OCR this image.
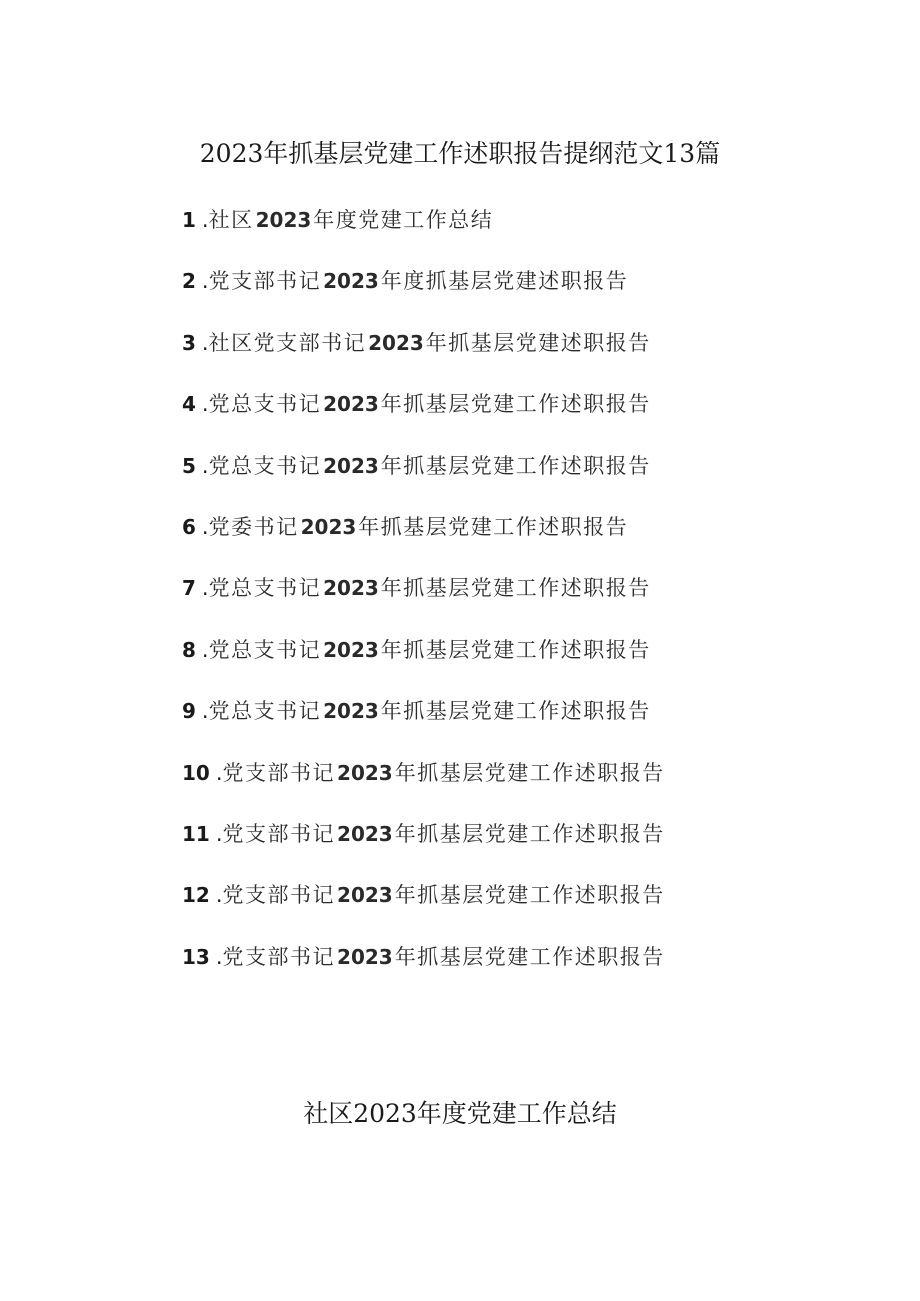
2023年抓基层党建工作述职报告提纲范文13篇
1 .社区 2023年度党建工作总结
2 .党支部书记 2023年度抓基层党建述职报告
3 .社区党支部书记 2023年抓基层党建述职报告
4 .党总支书记 2023年抓基层党建工作述职报告
5 .党总支书记 2023年抓基层党建工作述职报告
6 .党委书记 2023年抓基层党建工作述职报告
7 .党总支书记 2023年抓基层党建工作述职报告
8 .党总支书记 2023年抓基层党建工作述职报告
9 .党总支书记 2023年抓基层党建工作述职报告
10 .党支部书记 2023年抓基层党建工作述职报告
11 .党支部书记 2023年抓基层党建工作述职报告
12 .党支部书记 2023年抓基层党建工作述职报告
13 .党支部书记 2023年抓基层党建工作述职报告
社区2023年度党建工作总结
